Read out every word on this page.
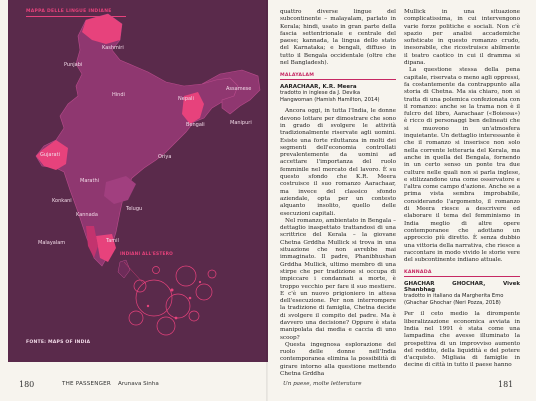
MAPPA DELLE LINGUE INDIANE
Kashmiri
Punjabi
Hindi
Nepali
Assamese
Bengali	Manipuri
Gujarati	Oriya
Marathi
Telugu
Kannada
Konkani
Malayalam	Tamil
INDIANI ALL'ESTERO
FONTE: MAPS OF INDIA
180	THE PASSENGER Arunava Sinha

quattro diverse lingue del subcontinente – malayalam, parlato in Kerala; hindi, usato in gran parte della fascia settentrionale e centrale del paese; kannada, la lingua dello stato del Karnataka; e bengali, diffuso in tutto il Bengala occidentale (oltre che nel Bangladesh).

MALAYALAM
AARACHAAR, K.R. Meera
tradotto in inglese da J. Devika
Hangwoman (Hamish Hamilton, 2014)

Ancora oggi, in tutta l'India, le donne devono lottare per dimostrare che sono in grado di svolgere le attività tradizionalmente riservate agli uomini. Esiste una forte riluttanza in molti dei segmenti dell'economia controllati prevalentemente da uomini ad accettare l'importanza del ruolo femminile nel mercato del lavoro. È su questo sfondo che K.R. Meera costruisce il suo romanzo Aarachaar, ma invece del classico sfondo aziendale, opta per un contesto alquanto insolito, quello delle esecuzioni capitali.

Nel romanzo, ambientato in Bengala – dettaglio inaspettato trattandosi di una scrittrice del Kerala – la giovane Chetna Grddha Mullick si trova in una situazione che non avrebbe mai immaginato. Il padre, Phanibhushan Grddha Mullick, ultimo membro di una stirpe che per tradizione si occupa di impiccare i condannati a morte, è troppo vecchio per fare il suo mestiere. E c'è un nuovo prigioniero in attesa dell'esecuzione. Per non interrompere la tradizione di famiglia, Chetna decide di svolgere il compito del padre. Ma è davvero una decisione? Oppure è stata manipolata dai media e caccia di uno scoop?

Questa ingegnosa esplorazione del ruolo delle donne nell'India contemporanea elimina la possibilità di girare intorno alla questione mettendo Chetna Grddha

Mullick in una situazione complicatissima, in cui intervengono varie forze politiche e sociali. Non c'è spazio per analisi accademiche sofisticate in questo romanzo crudo, inesorabile, che ricostruisce abilmente il teatro caotico in cui il dramma si dipana.

La questione stessa della pena capitale, riservata o meno agli oppressi, fa costantemente da contrappunto alla storia di Chetna. Ma sia chiaro, non si tratta di una polemica confezionata con il romanzo: anche se la trama non è il fulcro del libro, Aarachaar («Boiessa») è ricco di personaggi ben delineati che si muovono in un'atmosfera inquietante. Un dettaglio interessante è che il romanzo si inserisce non solo nella corrente letteraria del Kerala, ma anche in quella del Bengala, fornendo in un certo senso un ponte tra due culture nelle quali non si parla inglese, e stilizzandone una come osservatore e l'altra come campo d'azione. Anche se a prima vista sembra improbabile, considerando l'argomento, il romanzo di Meera riesce a descrivere ed elaborare il tema del femminismo in India meglio di altre opere contemporanee che adottano un approccio più diretto. È senza dubbio una vittoria della narrativa, che riesce a raccontare in modo vivido le storie vere del subcontinente indiano attuale.

KANNADA
GHACHAR GHOCHAR, Vivek Shanbhag
tradotto in italiano da Margherita Emo
(Ghachar Ghochar (Neri Pozza, 2018)

Per il ceto medio la dirompente liberalizzazione economica avviata in India nel 1991 è stata come una lampadina che avesse illuminato la prospettiva di un improvviso aumento del reddito, della liquidità e del potere d'acquisto. Migliaia di famiglie in decine di città in tutto il paese hanno

Un paese, molte letterature	181
